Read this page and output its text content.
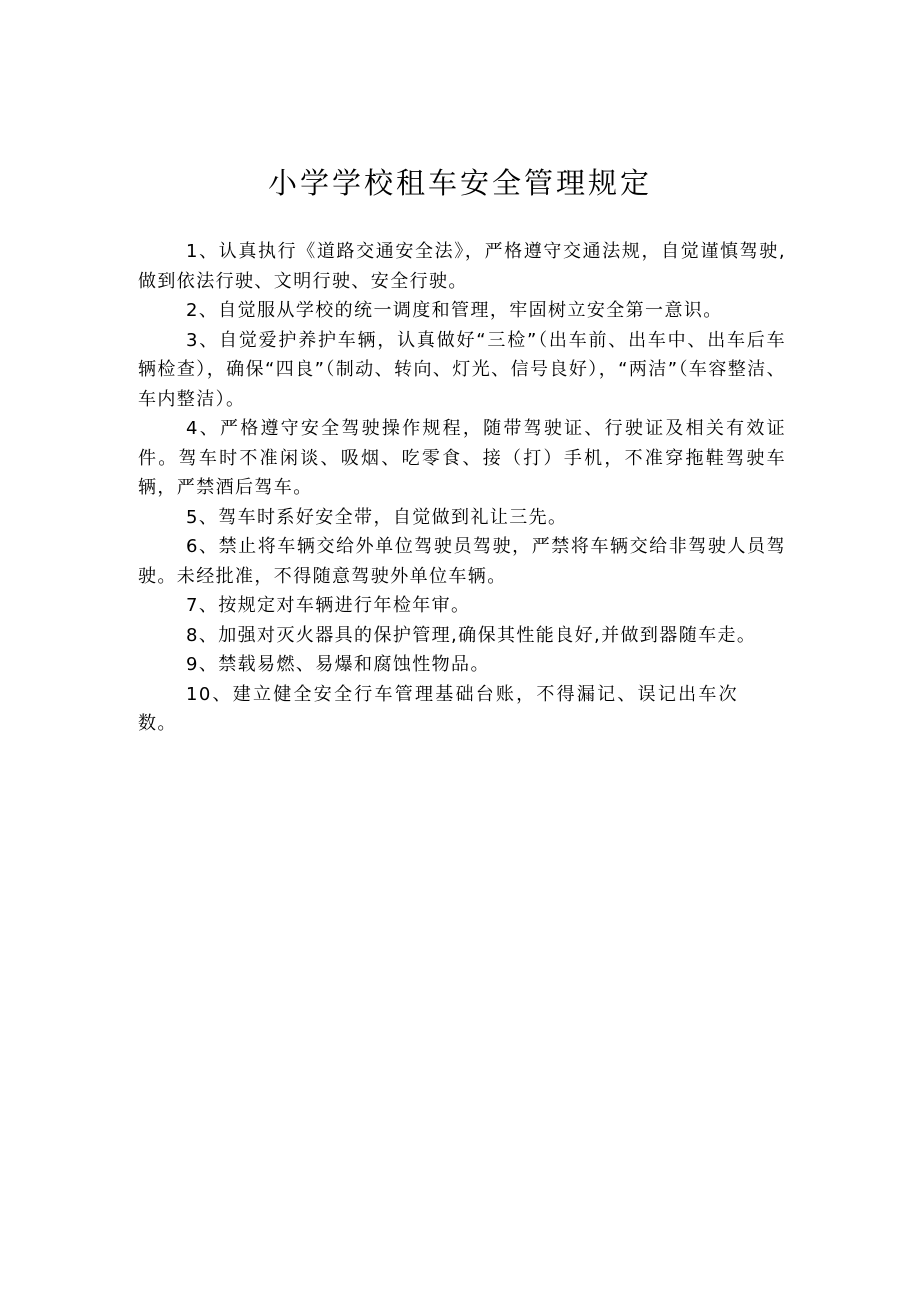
小学学校租车安全管理规定

1、认真执行《道路交通安全法》，严格遵守交通法规，自觉谨慎驾驶,做到依法行驶、文明行驶、安全行驶。

2、自觉服从学校的统一调度和管理，牢固树立安全第一意识。

3、自觉爱护养护车辆，认真做好“三检”（出车前、出车中、出车后车辆检查），确保“四良”（制动、转向、灯光、信号良好），“两洁”（车容整洁、车内整洁）。

4、严格遵守安全驾驶操作规程，随带驾驶证、行驶证及相关有效证件。驾车时不准闲谈、吸烟、吃零食、接（打）手机，不准穿拖鞋驾驶车辆，严禁酒后驾车。

5、驾车时系好安全带，自觉做到礼让三先。

6、禁止将车辆交给外单位驾驶员驾驶，严禁将车辆交给非驾驶人员驾驶。未经批准，不得随意驾驶外单位车辆。

7、按规定对车辆进行年检年审。

8、加强对灭火器具的保护管理,确保其性能良好,并做到器随车走。

9、禁载易燃、易爆和腐蚀性物品。

10、建立健全安全行车管理基础台账，不得漏记、误记出车次数。
